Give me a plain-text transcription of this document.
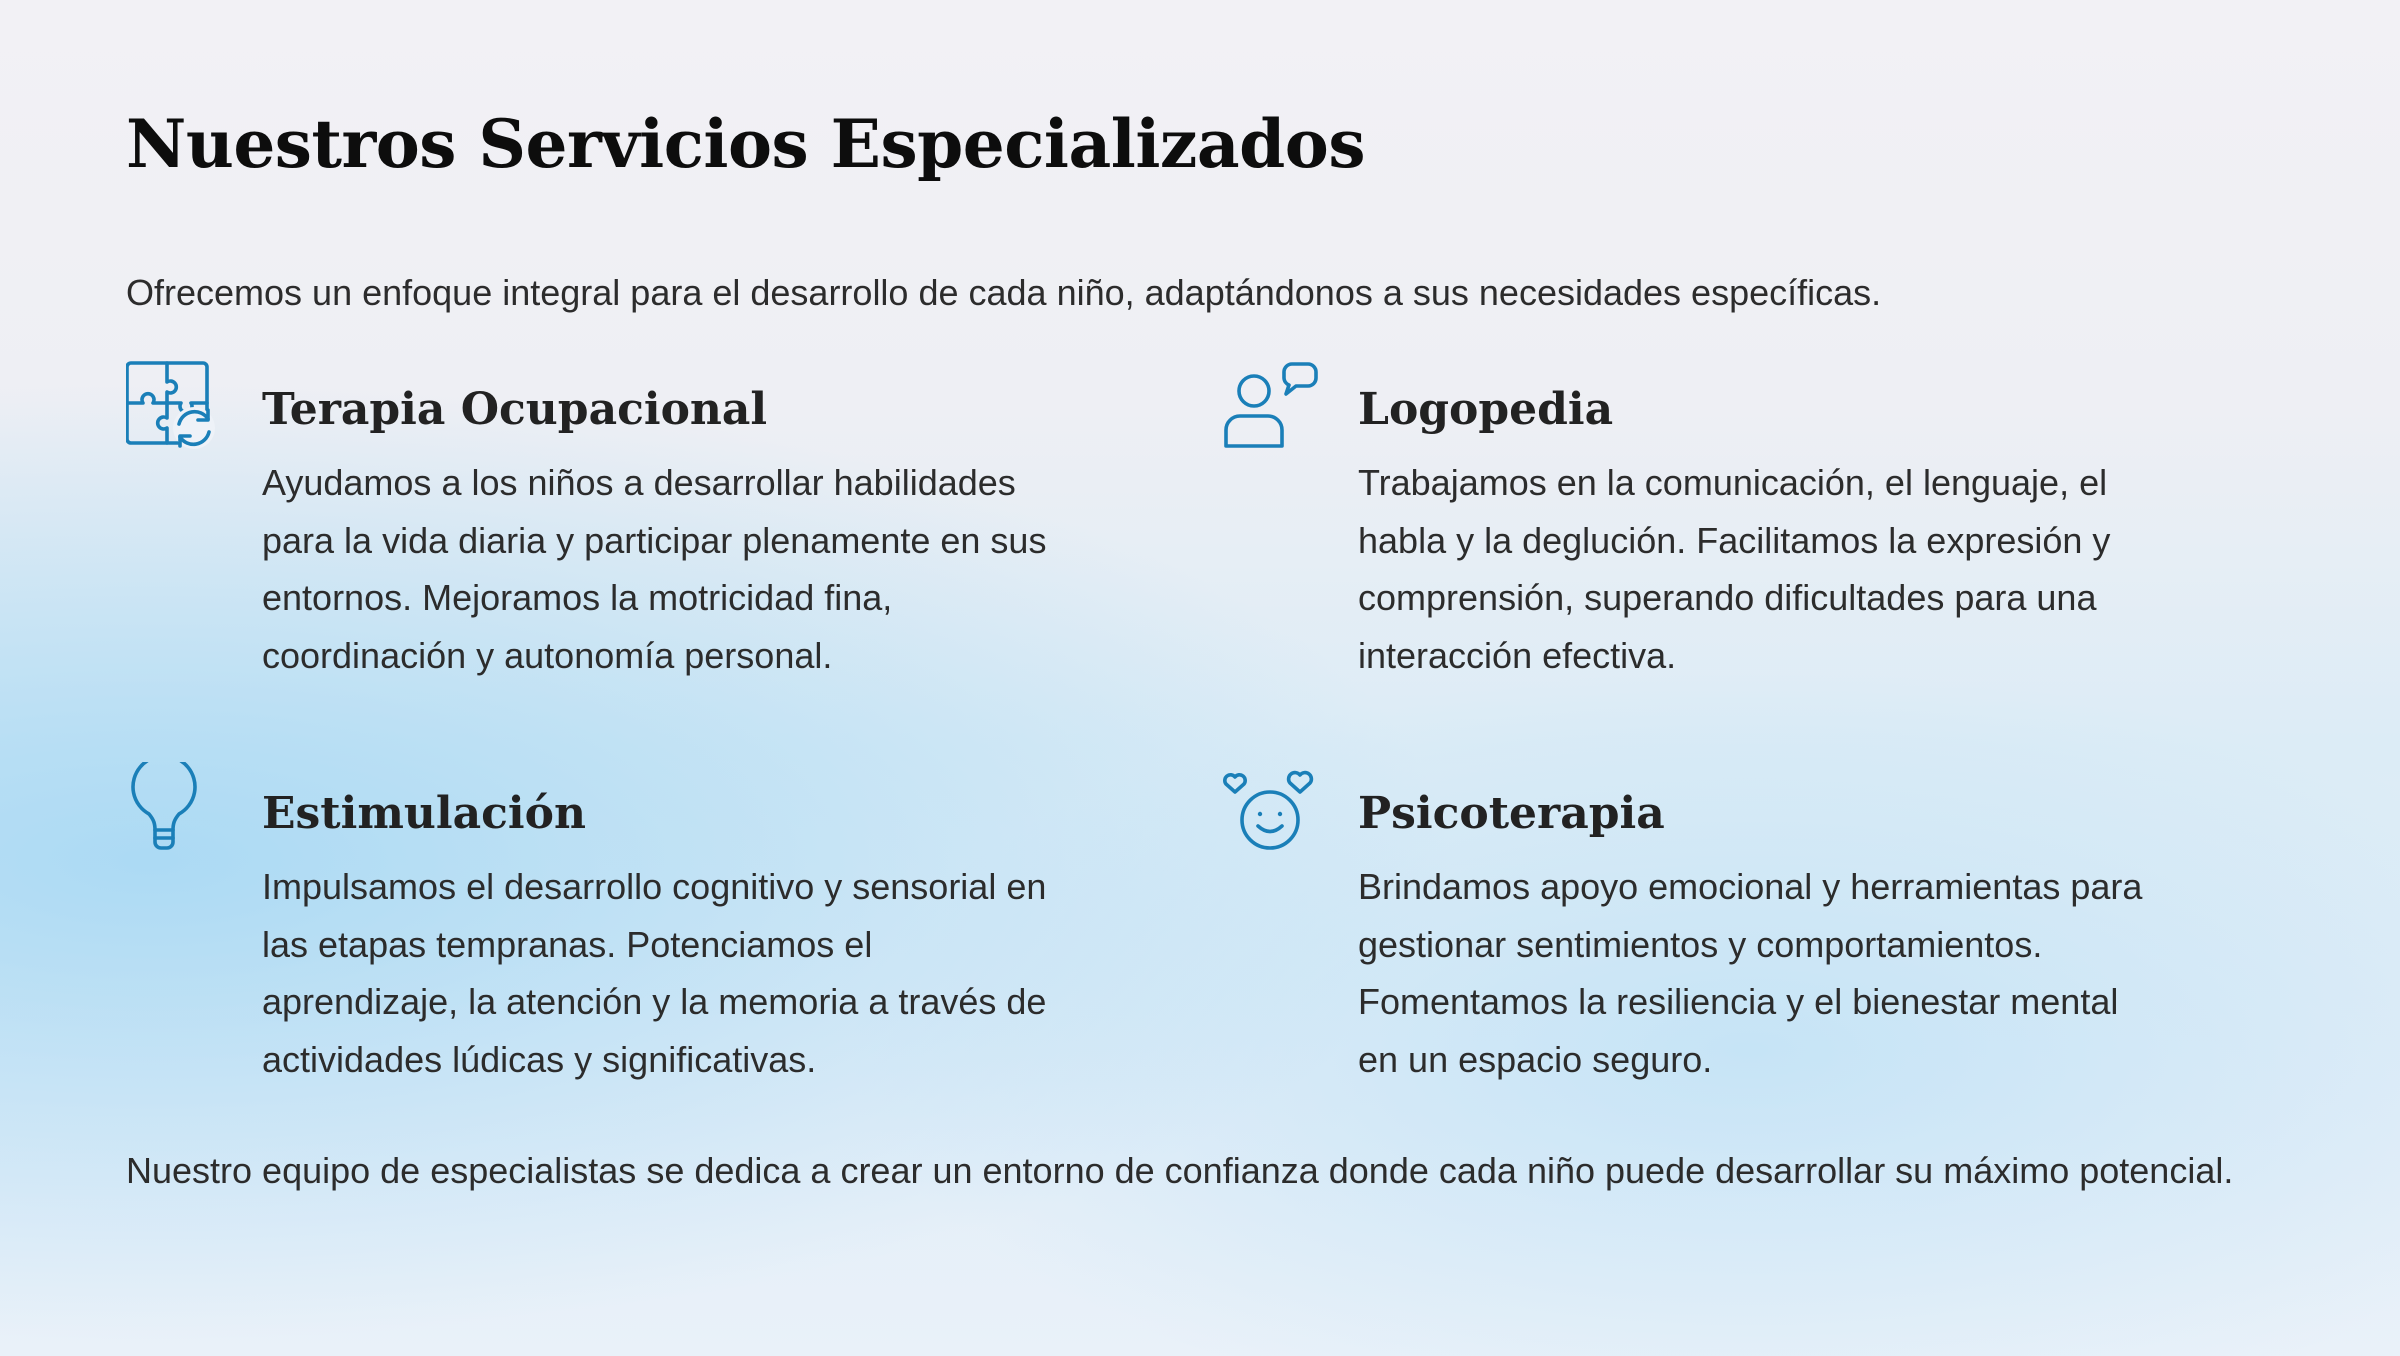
Nuestros Servicios Especializados

Ofrecemos un enfoque integral para el desarrollo de cada niño, adaptándonos a sus necesidades específicas.

Terapia Ocupacional

Ayudamos a los niños a desarrollar habilidades para la vida diaria y participar plenamente en sus entornos. Mejoramos la motricidad fina, coordinación y autonomía personal.

Logopedia

Trabajamos en la comunicación, el lenguaje, el habla y la deglución. Facilitamos la expresión y comprensión, superando dificultades para una interacción efectiva.

Estimulación

Impulsamos el desarrollo cognitivo y sensorial en las etapas tempranas. Potenciamos el aprendizaje, la atención y la memoria a través de actividades lúdicas y significativas.

Psicoterapia

Brindamos apoyo emocional y herramientas para gestionar sentimientos y comportamientos. Fomentamos la resiliencia y el bienestar mental en un espacio seguro.

Nuestro equipo de especialistas se dedica a crear un entorno de confianza donde cada niño puede desarrollar su máximo potencial.
